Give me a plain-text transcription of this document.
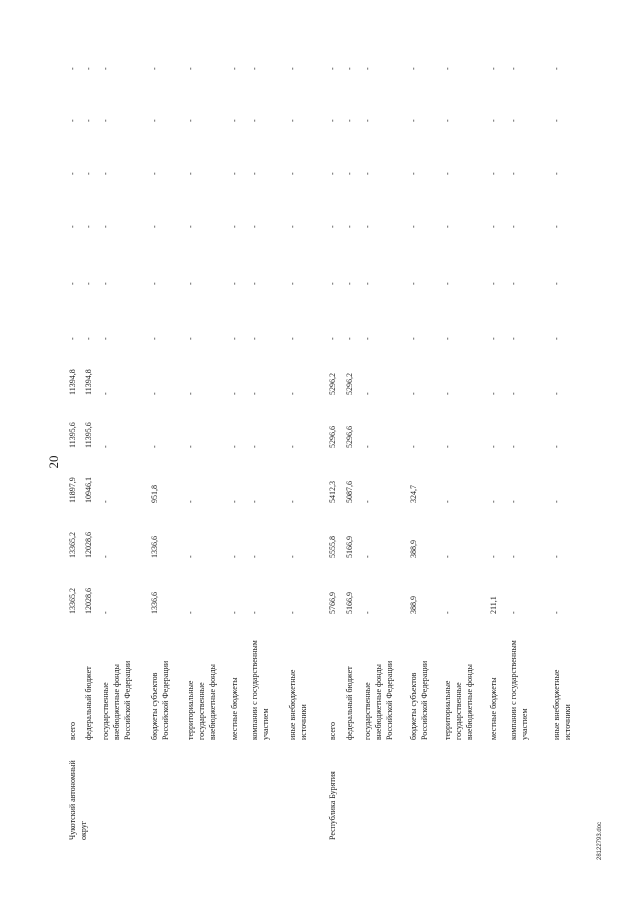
20
Чукотский автономный округ
всего
13365,2
13365,2
11897,9
11395,6
11394,8
-
-
-
-
-
-
федеральный бюджет
12028,6
12028,6
10946,1
11395,6
11394,8
-
-
-
-
-
-
государственные внебюджетные фонды Российской Федерации
-
-
-
-
-
-
-
-
-
-
-
бюджеты субъектов Российской Федерации
1336,6
1336,6
951,8
-
-
-
-
-
-
-
-
территориальные государственные внебюджетные фонды
-
-
-
-
-
-
-
-
-
-
-
местные бюджеты
-
-
-
-
-
-
-
-
-
-
-
компании с государственным участием
-
-
-
-
-
-
-
-
-
-
-
иные внебюджетные источники
-
-
-
-
-
-
-
-
-
-
-
Республика Бурятия
всего
5766,9
5555,8
5412,3
5296,6
5296,2
-
-
-
-
-
-
федеральный бюджет
5166,9
5166,9
5087,6
5296,6
5296,2
-
-
-
-
-
-
государственные внебюджетные фонды Российской Федерации
-
-
-
-
-
-
-
-
-
-
-
бюджеты субъектов Российской Федерации
388,9
388,9
324,7
-
-
-
-
-
-
-
-
территориальные государственные внебюджетные фонды
-
-
-
-
-
-
-
-
-
-
-
местные бюджеты
211,1
-
-
-
-
-
-
-
-
-
-
компании с государственным участием
-
-
-
-
-
-
-
-
-
-
-
иные внебюджетные источники
-
-
-
-
-
-
-
-
-
-
-
28122793.doc
